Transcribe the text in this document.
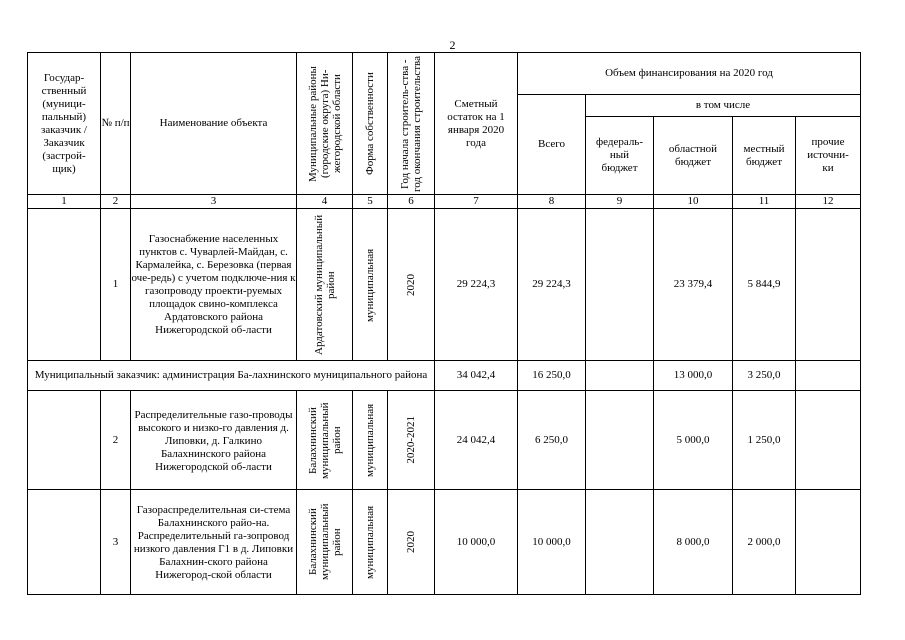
2
Государ-ственный (муници-пальный) заказчик / Заказчик (застрой-щик)	№ п/п	Наименование объекта	Муниципальные районы (городские округа) Ни-жегородской области	Форма собственности	Год начала строитель-ства - год окончания строительства	Сметный остаток на 1 января 2020 года	Объем финансирования на 2020 год				
							Всего	в том числе			
								федераль-ный бюджет	областной бюджет	местный бюджет	прочие источни-ки
1	2	3	4	5	6	7	8	9	10	11	12
	1	Газоснабжение населенных пунктов с. Чуварлей-Майдан, с. Кармалейка, с. Березовка (первая оче-редь) с учетом подключе-ния к газопроводу проекти-руемых площадок свино-комплекса Ардатовского района Нижегородской об-ласти	Ардатовский муниципальный район	муниципальная	2020	29 224,3	29 224,3		23 379,4	5 844,9	
Муниципальный заказчик: администрация Ба-лахнинского муниципального района						34 042,4	16 250,0		13 000,0	3 250,0	
	2	Распределительные газо-проводы высокого и низко-го давления д. Липовки, д. Галкино Балахнинского района Нижегородской об-ласти	Балахнинский муниципальный район	муниципальная	2020-2021	24 042,4	6 250,0		5 000,0	1 250,0	
	3	Газораспределительная си-стема Балахнинского райо-на. Распределительный га-зопровод низкого давления Г1 в д. Липовки Балахнин-ского района Нижегород-ской области	Балахнинский муниципальный район	муниципальная	2020	10 000,0	10 000,0		8 000,0	2 000,0	
